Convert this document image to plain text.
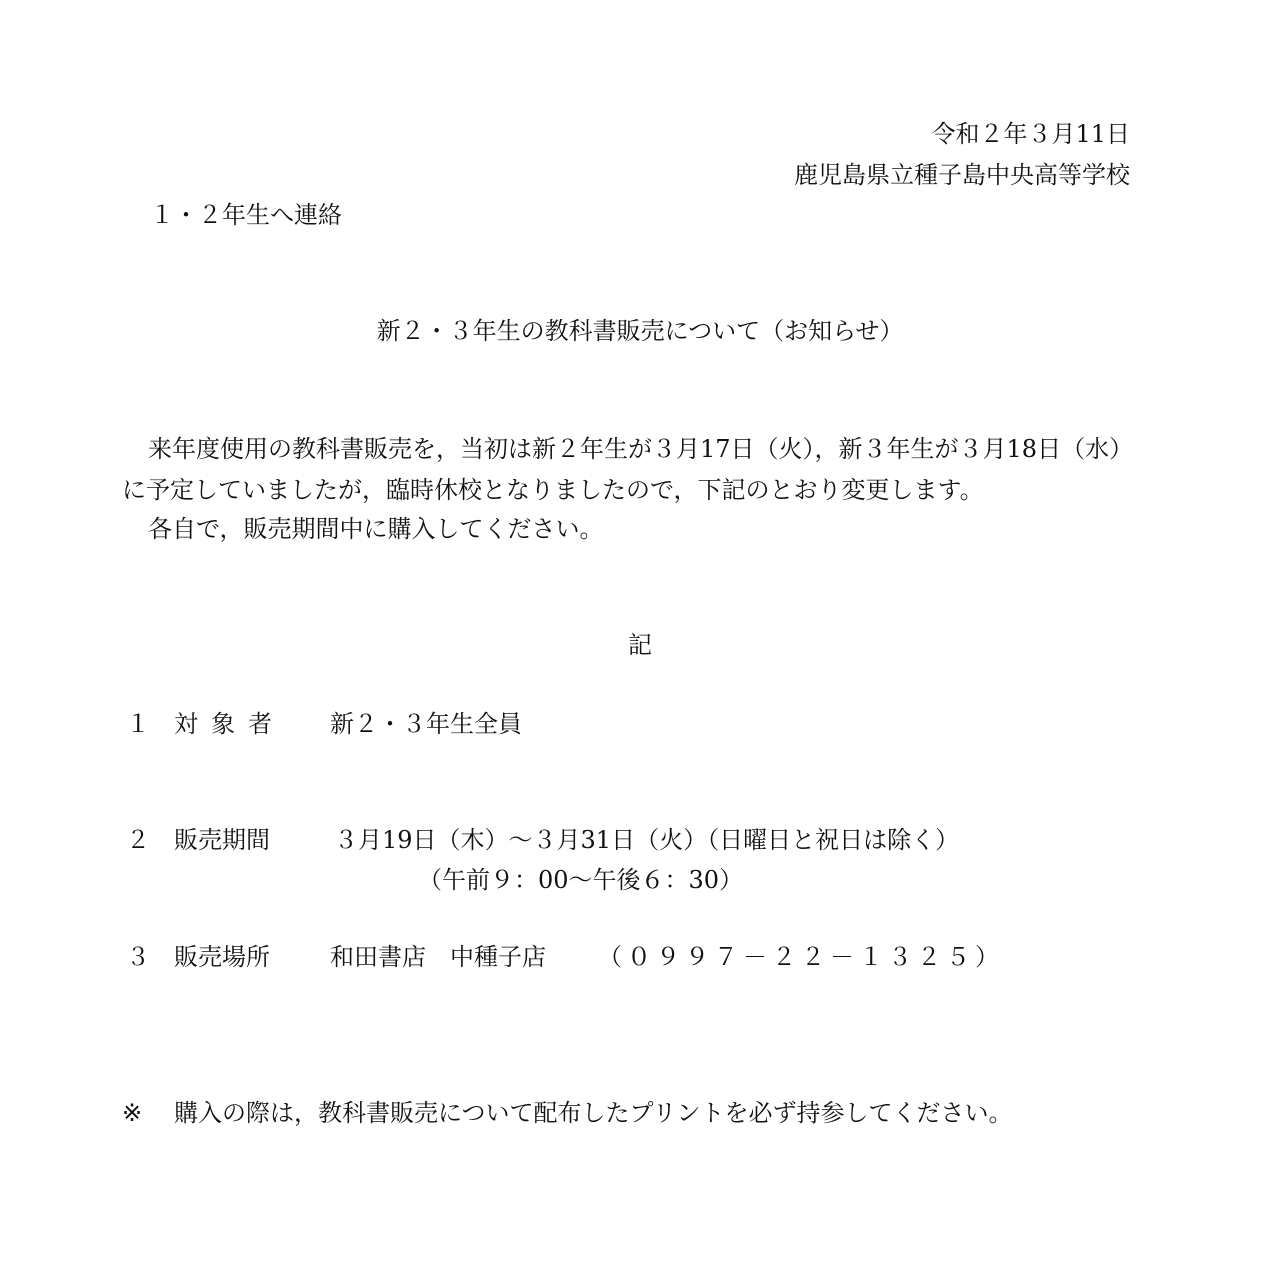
令和２年３月11日

鹿児島県立種子島中央高等学校

１・２年生へ連絡

新２・３年生の教科書販売について（お知らせ）

来年度使用の教科書販売を，当初は新２年生が３月17日（火），新３年生が３月18日（水）

に予定していましたが，臨時休校となりましたので，下記のとおり変更します。

各自で，販売期間中に購入してください。

記

１ 対象者 新２・３年生全員
２ 販売期間	３月19日（木）～３月31日（火）（日曜日と祝日は除く）
（午前９：00～午後６：30）
３ 販売場所	和田書店　中種子店 （０９９７－２２－１３２５）
※ 購入の際は，教科書販売について配布したプリントを必ず持参してください。
